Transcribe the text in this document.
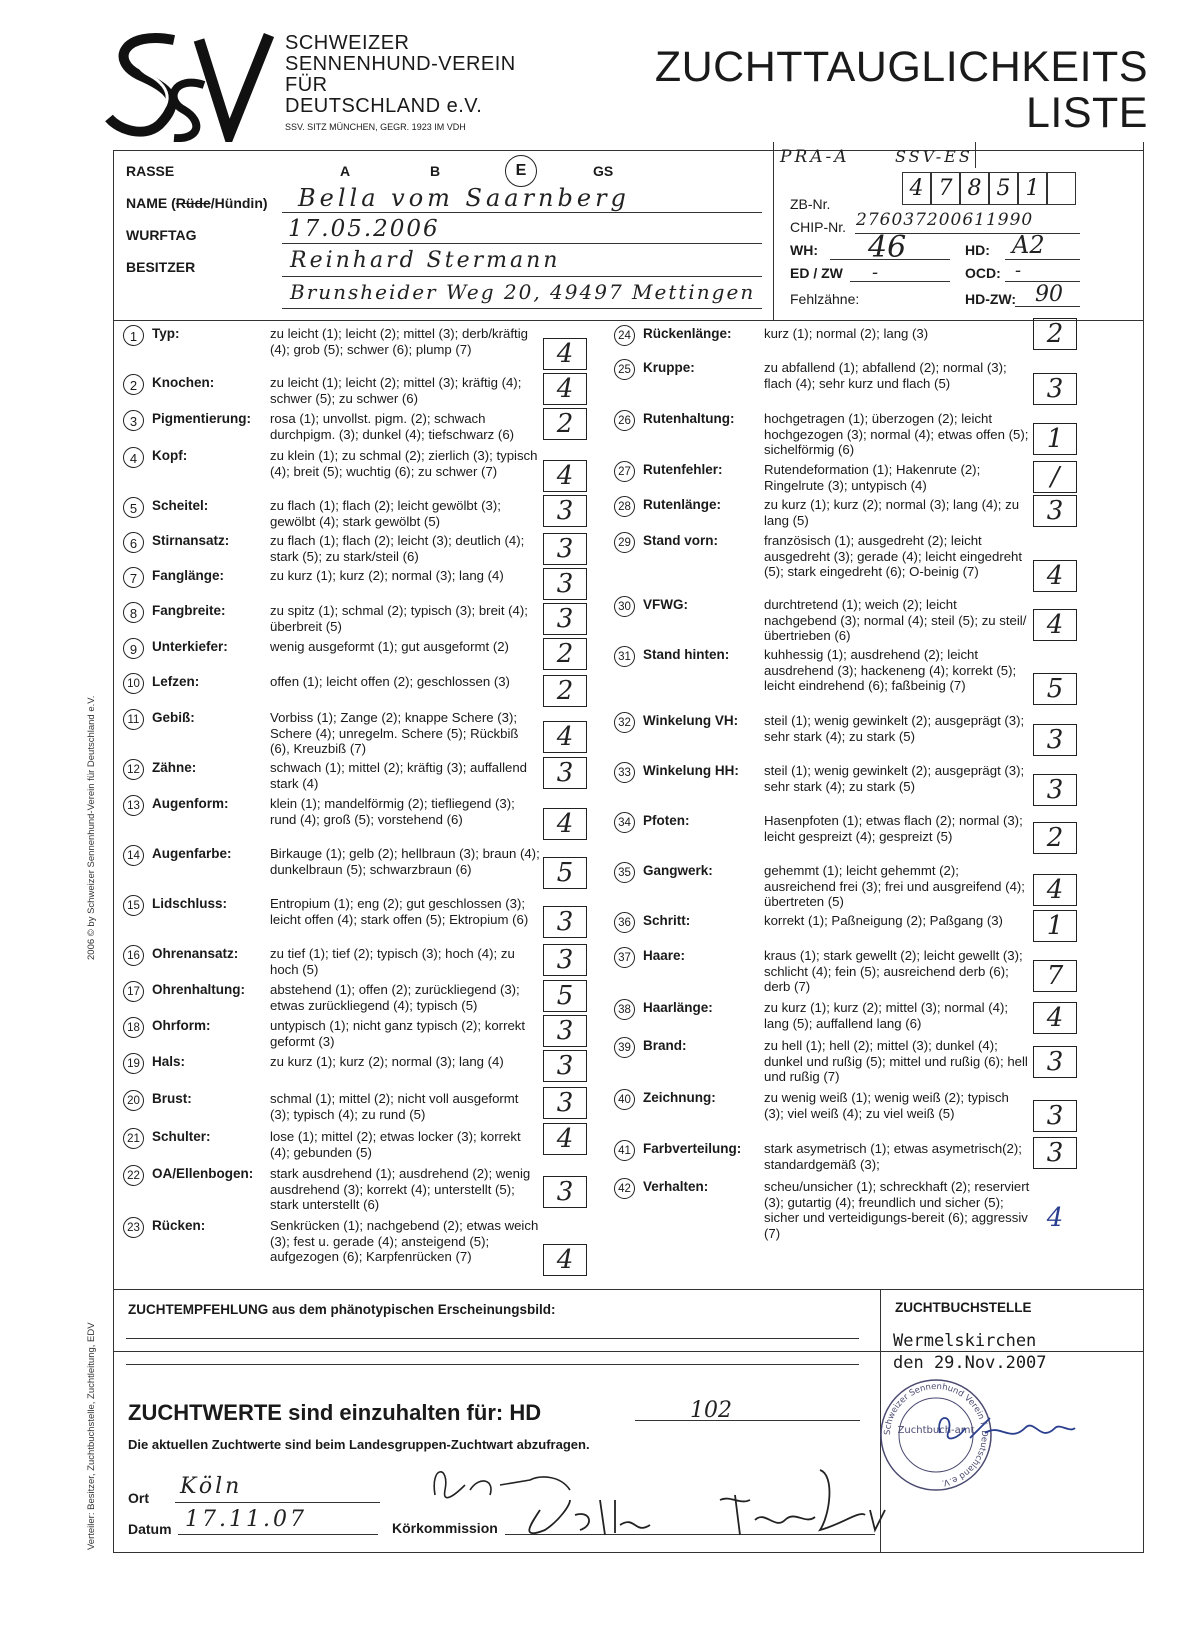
2006 © by Schweizer Sennenhund-Verein für Deutschland e.V.
Verteiler: Besitzer, Zuchtbuchstelle, Zuchtleitung, EDV
SCHWEIZER
SENNENHUND-VEREIN
FÜR
DEUTSCHLAND e.V.
SSV. SITZ MÜNCHEN, GEGR. 1923 IM VDH
ZUCHTTAUGLICHKEITS
LISTE
RASSE	A	B	E	GS
NAME (Rüde/Hündin) Bella vom Saarnberg
WURFTAG	17.05.2006
BESITZER	Reinhard Stermann
Brunsheider Weg 20, 49497 Mettingen
PRA-A	SSV-ES
ZB-Nr.
4 7 8 5 1
CHIP-Nr. 276037200611990
WH: 46	HD: A2
ED / ZW -	OCD: -
Fehlzähne:	HD-ZW: 90
1	Typ:	zu leicht (1); leicht (2); mittel (3); derb/kräftig (4); grob (5); schwer (6); plump (7)	4
2	Knochen:	zu leicht (1); leicht (2); mittel (3); kräftig (4); schwer (5); zu schwer (6)	4
3	Pigmentierung: rosa (1); unvollst. pigm. (2); schwach durchpigm. (3); dunkel (4); tiefschwarz (6)	2
4	Kopf:	zu klein (1); zu schmal (2); zierlich (3); typisch (4); breit (5); wuchtig (6); zu schwer (7)	4
5	Scheitel:	zu flach (1); flach (2); leicht gewölbt (3); gewölbt (4); stark gewölbt (5)	3
6	Stirnansatz:	zu flach (1); flach (2); leicht (3); deutlich (4); stark (5); zu stark/steil (6)	3
7	Fanglänge:	zu kurz (1); kurz (2); normal (3); lang (4)	3
8	Fangbreite:	zu spitz (1); schmal (2); typisch (3); breit (4); überbreit (5)	3
9	Unterkiefer:	wenig ausgeformt (1); gut ausgeformt (2)	2
10 Lefzen:	offen (1); leicht offen (2); geschlossen (3)	2
11 Gebiß:	Vorbiss (1); Zange (2); knappe Schere (3); Schere (4); unregelm. Schere (5); Rückbiß (6), Kreuzbiß (7)	4
12 Zähne:	schwach (1); mittel (2); kräftig (3); auffallend stark (4)	3
13 Augenform:	klein (1); mandelförmig (2); tiefliegend (3); rund (4); groß (5); vorstehend (6)	4
14 Augenfarbe:	Birkauge (1); gelb (2); hellbraun (3); braun (4); dunkelbraun (5); schwarzbraun (6)	5
15 Lidschluss:	Entropium (1); eng (2); gut geschlossen (3); leicht offen (4); stark offen (5); Ektropium (6)	3
16 Ohrenansatz: zu tief (1); tief (2); typisch (3); hoch (4); zu hoch (5)	3
17 Ohrenhaltung: abstehend (1); offen (2); zurückliegend (3); etwas zurückliegend (4); typisch (5)	5
18 Ohrform:	untypisch (1); nicht ganz typisch (2); korrekt geformt (3)	3
19 Hals:	zu kurz (1); kurz (2); normal (3); lang (4)	3
20 Brust:	schmal (1); mittel (2); nicht voll ausgeformt (3); typisch (4); zu rund (5)	3
21 Schulter:	lose (1); mittel (2); etwas locker (3); korrekt (4); gebunden (5)	4
22 OA/Ellenbogen: stark ausdrehend (1); ausdrehend (2); wenig ausdrehend (3); korrekt (4); unterstellt (5); stark unterstellt (6)	3
23 Rücken:	Senkrücken (1); nachgebend (2); etwas weich (3); fest u. gerade (4); ansteigend (5); aufgezogen (6); Karpfenrücken (7)	4
24 Rückenlänge: kurz (1); normal (2); lang (3)	2
25 Kruppe:	zu abfallend (1); abfallend (2); normal (3); flach (4); sehr kurz und flach (5)	3
26 Rutenhaltung: hochgetragen (1); überzogen (2); leicht hochgezogen (3); normal (4); etwas offen (5); sichelförmig (6)	1
27 Rutenfehler:	Rutendeformation (1); Hakenrute (2); Ringelrute (3); untypisch (4)	/
28 Rutenlänge:	zu kurz (1); kurz (2); normal (3); lang (4); zu lang (5)	3
29 Stand vorn:	französisch (1); ausgedreht (2); leicht ausgedreht (3); gerade (4); leicht eingedreht (5); stark eingedreht (6); O-beinig (7)	4
30 VFWG:	durchtretend (1); weich (2); leicht nachgebend (3); normal (4); steil (5); zu steil/übertrieben (6)	4
31 Stand hinten:	kuhhessig (1); ausdrehend (2); leicht ausdrehend (3); hackeneng (4); korrekt (5); leicht eindrehend (6); faßbeinig (7)	5
32 Winkelung VH: steil (1); wenig gewinkelt (2); ausgeprägt (3); sehr stark (4); zu stark (5)	3
33 Winkelung HH: steil (1); wenig gewinkelt (2); ausgeprägt (3); sehr stark (4); zu stark (5)	3
34 Pfoten:	Hasenpfoten (1); etwas flach (2); normal (3); leicht gespreizt (4); gespreizt (5)	2
35 Gangwerk:	gehemmt (1); leicht gehemmt (2); ausreichend frei (3); frei und ausgreifend (4); übertreten (5)	4
36 Schritt:	korrekt (1); Paßneigung (2); Paßgang (3)	1
37 Haare:	kraus (1); stark gewellt (2); leicht gewellt (3); schlicht (4); fein (5); ausreichend derb (6); derb (7)	7
38 Haarlänge:	zu kurz (1); kurz (2); mittel (3); normal (4); lang (5); auffallend lang (6)	4
39 Brand:	zu hell (1); hell (2); mittel (3); dunkel (4); dunkel und rußig (5); mittel und rußig (6); hell und rußig (7)	3
40 Zeichnung:	zu wenig weiß (1); wenig weiß (2); typisch (3); viel weiß (4); zu viel weiß (5)	3
41 Farbverteilung: stark asymetrisch (1); etwas asymetrisch(2); standardgemäß (3);	3
42 Verhalten:	scheu/unsicher (1); schreckhaft (2); reserviert (3); gutartig (4); freundlich und sicher (5); sicher und verteidigungs-bereit (6); aggressiv (7)	4
ZUCHTEMPFEHLUNG aus dem phänotypischen Erscheinungsbild:
ZUCHTWERTE sind einzuhalten für: HD	102
Die aktuellen Zuchtwerte sind beim Landesgruppen-Zuchtwart abzufragen.
Ort Köln
Datum 17.11.07	Körkommission
ZUCHTBUCHSTELLE
Wermelskirchen
den 29.Nov.2007
Schweizer Sennenhund Verein f. Deutschland e.V.
Zuchtbuch-amt
